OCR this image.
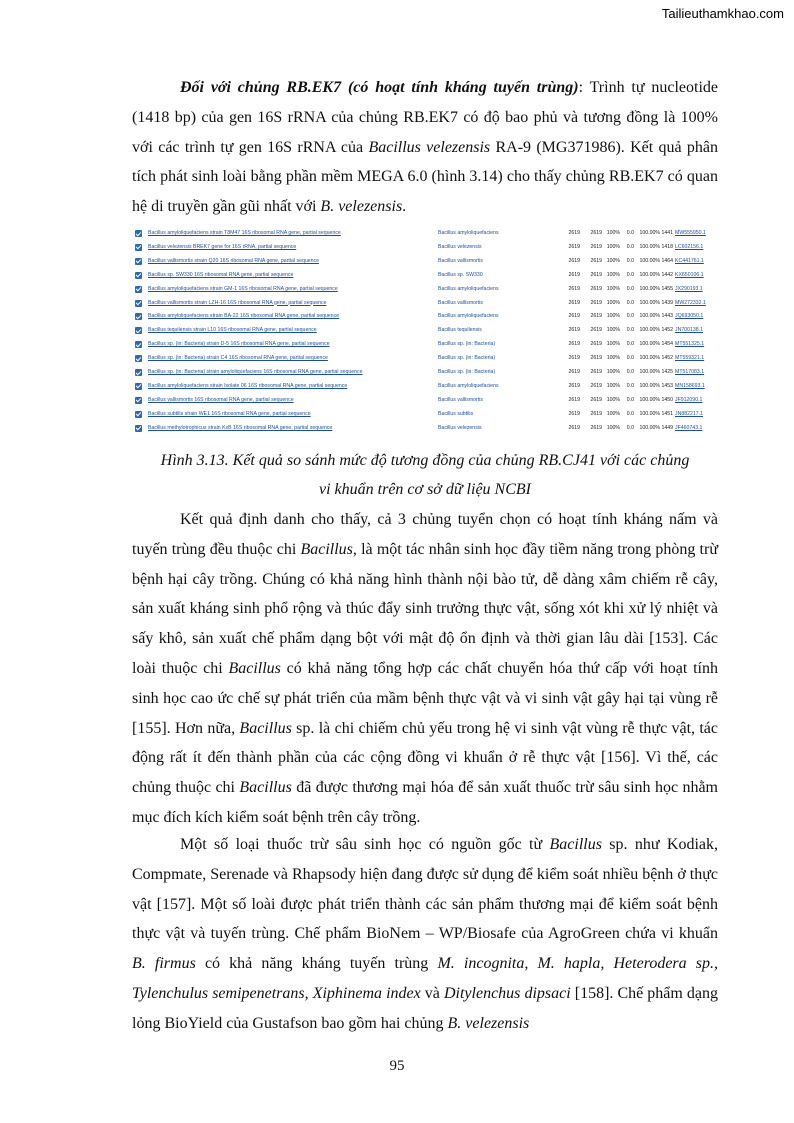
Tailieuthamkhao.com

Đối với chủng RB.EK7 (có hoạt tính kháng tuyến trùng): Trình tự nucleotide (1418 bp) của gen 16S rRNA của chủng RB.EK7 có độ bao phủ và tương đồng là 100% với các trình tự gen 16S rRNA của Bacillus velezensis RA-9 (MG371986). Kết quả phân tích phát sinh loài bằng phần mềm MEGA 6.0 (hình 3.14) cho thấy chủng RB.EK7 có quan hệ di truyền gần gũi nhất với B. velezensis.

Bacillus amyloliquefaciens strain T8M47 16S ribosomal RNA gene, partial sequence	Bacillus amyloliquefaciens	2619	2619 100%	0.0 100.00% 1441 MW555950.1
Bacillus velezensis BREK7 gene for 16S rRNA, partial sequence	Bacillus velezensis	2619	2619 100%	0.0 100.00% 1418 LC602156.1
Bacillus vallismortis strain Q20 16S ribosomal RNA gene, partial sequence	Bacillus vallismortis	2619	2619 100%	0.0 100.00% 1464 KC441761.1
Bacillus sp. SW330 16S ribosomal RNA gene, partial sequence	Bacillus sp. SW330	2619	2619 100%	0.0 100.00% 1442 KX650106.1
Bacillus amyloliquefaciens strain GM-1 16S ribosomal RNA gene, partial sequence	Bacillus amyloliquefaciens	2619	2619 100%	0.0 100.00% 1455 JX290193.1
Bacillus vallismortis strain LZH-16 16S ribosomal RNA gene, partial sequence	Bacillus vallismortis	2619	2619 100%	0.0 100.00% 1439 MW272332.1
Bacillus amyloliquefaciens strain BA-22 16S ribosomal RNA gene, partial sequence	Bacillus amyloliquefaciens	2619	2619 100%	0.0 100.00% 1443 JQ693050.1
Bacillus tequilensis strain L10 16S ribosomal RNA gene, partial sequence	Bacillus tequilensis	2619	2619 100%	0.0 100.00% 1452 JN700138.1
Bacillus sp. (in: Bacteria) strain D-5 16S ribosomal RNA gene, partial sequence	Bacillus sp. (in: Bacteria)	2619	2619 100%	0.0 100.00% 1454 MT551325.1
Bacillus sp. (in: Bacteria) strain C4 16S ribosomal RNA gene, partial sequence	Bacillus sp. (in: Bacteria)	2619	2619 100%	0.0 100.00% 1452 MT559321.1
Bacillus sp. (in: Bacteria) strain amyloliquefaciens 16S ribosomal RNA gene, partial sequence	Bacillus sp. (in: Bacteria)	2619	2619 100%	0.0 100.00% 1425 MT517083.1
Bacillus amyloliquefaciens strain Isolate 06 16S ribosomal RNA gene, partial sequence	Bacillus amyloliquefaciens	2619	2619 100%	0.0 100.00% 1453 MN158693.1
Bacillus vallismortis 16S ribosomal RNA gene, partial sequence	Bacillus vallismortis	2619	2619 100%	0.0 100.00% 1450 JF912090.1
Bacillus subtilis strain WE1 16S ribosomal RNA gene, partial sequence	Bacillus subtilis	2619	2619 100%	0.0 100.00% 1451 JN882217.1
Bacillus methylotrophicus strain KxB 16S ribosomal RNA gene, partial sequence	Bacillus velezensis	2619	2619 100%	0.0 100.00% 1449 JF460743.1
Hình 3.13. Kết quả so sánh mức độ tương đồng của chủng RB.CJ41 với các chủng
vi khuẩn trên cơ sở dữ liệu NCBI

Kết quả định danh cho thấy, cả 3 chủng tuyển chọn có hoạt tính kháng nấm và tuyến trùng đều thuộc chi Bacillus, là một tác nhân sinh học đầy tiềm năng trong phòng trừ bệnh hại cây trồng. Chúng có khả năng hình thành nội bào tử, dễ dàng xâm chiếm rễ cây, sản xuất kháng sinh phổ rộng và thúc đẩy sinh trưởng thực vật, sống xót khi xử lý nhiệt và sấy khô, sản xuất chế phẩm dạng bột với mật độ ổn định và thời gian lâu dài [153]. Các loài thuộc chi Bacillus có khả năng tổng hợp các chất chuyển hóa thứ cấp với hoạt tính sinh học cao ức chế sự phát triển của mầm bệnh thực vật và vi sinh vật gây hại tại vùng rễ [155]. Hơn nữa, Bacillus sp. là chi chiếm chủ yếu trong hệ vi sinh vật vùng rễ thực vật, tác động rất ít đến thành phần của các cộng đồng vi khuẩn ở rễ thực vật [156]. Vì thế, các chủng thuộc chi Bacillus đã được thương mại hóa để sản xuất thuốc trừ sâu sinh học nhằm mục đích kích kiểm soát bệnh trên cây trồng.

Một số loại thuốc trừ sâu sinh học có nguồn gốc từ Bacillus sp. như Kodiak, Compmate, Serenade và Rhapsody hiện đang được sử dụng để kiểm soát nhiều bệnh ở thực vật [157]. Một số loài được phát triển thành các sản phẩm thương mại để kiểm soát bệnh thực vật và tuyến trùng. Chế phẩm BioNem – WP/Biosafe của AgroGreen chứa vi khuẩn B. firmus có khả năng kháng tuyến trùng M. incognita, M. hapla, Heterodera sp., Tylenchulus semipenetrans, Xiphinema index và Ditylenchus dipsaci [158]. Chế phẩm dạng lỏng BioYield của Gustafson bao gồm hai chủng B. velezensis

95
